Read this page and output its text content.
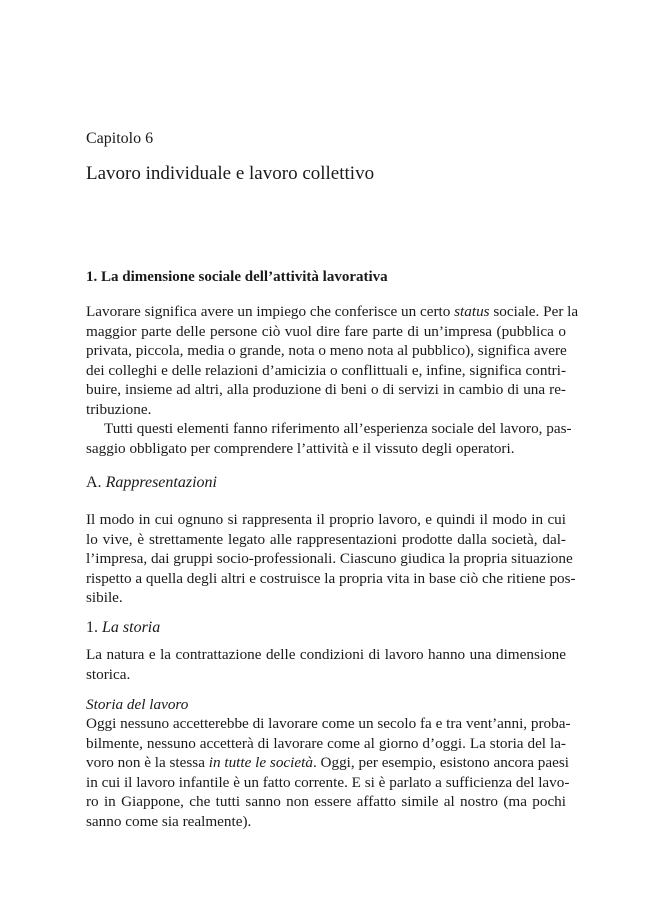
Capitolo 6
Lavoro individuale e lavoro collettivo
1. La dimensione sociale dell’attività lavorativa
Lavorare significa avere un impiego che conferisce un certo status sociale. Per la
maggior parte delle persone ciò vuol dire fare parte di un’impresa (pubblica o
privata, piccola, media o grande, nota o meno nota al pubblico), significa avere
dei colleghi e delle relazioni d’amicizia o conflittuali e, infine, significa contri-
buire, insieme ad altri, alla produzione di beni o di servizi in cambio di una re-
tribuzione.
Tutti questi elementi fanno riferimento all’esperienza sociale del lavoro, pas-
saggio obbligato per comprendere l’attività e il vissuto degli operatori.
A. Rappresentazioni
Il modo in cui ognuno si rappresenta il proprio lavoro, e quindi il modo in cui
lo vive, è strettamente legato alle rappresentazioni prodotte dalla società, dal-
l’impresa, dai gruppi socio-professionali. Ciascuno giudica la propria situazione
rispetto a quella degli altri e costruisce la propria vita in base ciò che ritiene pos-
sibile.
1. La storia
La natura e la contrattazione delle condizioni di lavoro hanno una dimensione
storica.
Storia del lavoro
Oggi nessuno accetterebbe di lavorare come un secolo fa e tra vent’anni, proba-
bilmente, nessuno accetterà di lavorare come al giorno d’oggi. La storia del la-
voro non è la stessa in tutte le società. Oggi, per esempio, esistono ancora paesi
in cui il lavoro infantile è un fatto corrente. E si è parlato a sufficienza del lavo-
ro in Giappone, che tutti sanno non essere affatto simile al nostro (ma pochi
sanno come sia realmente).
